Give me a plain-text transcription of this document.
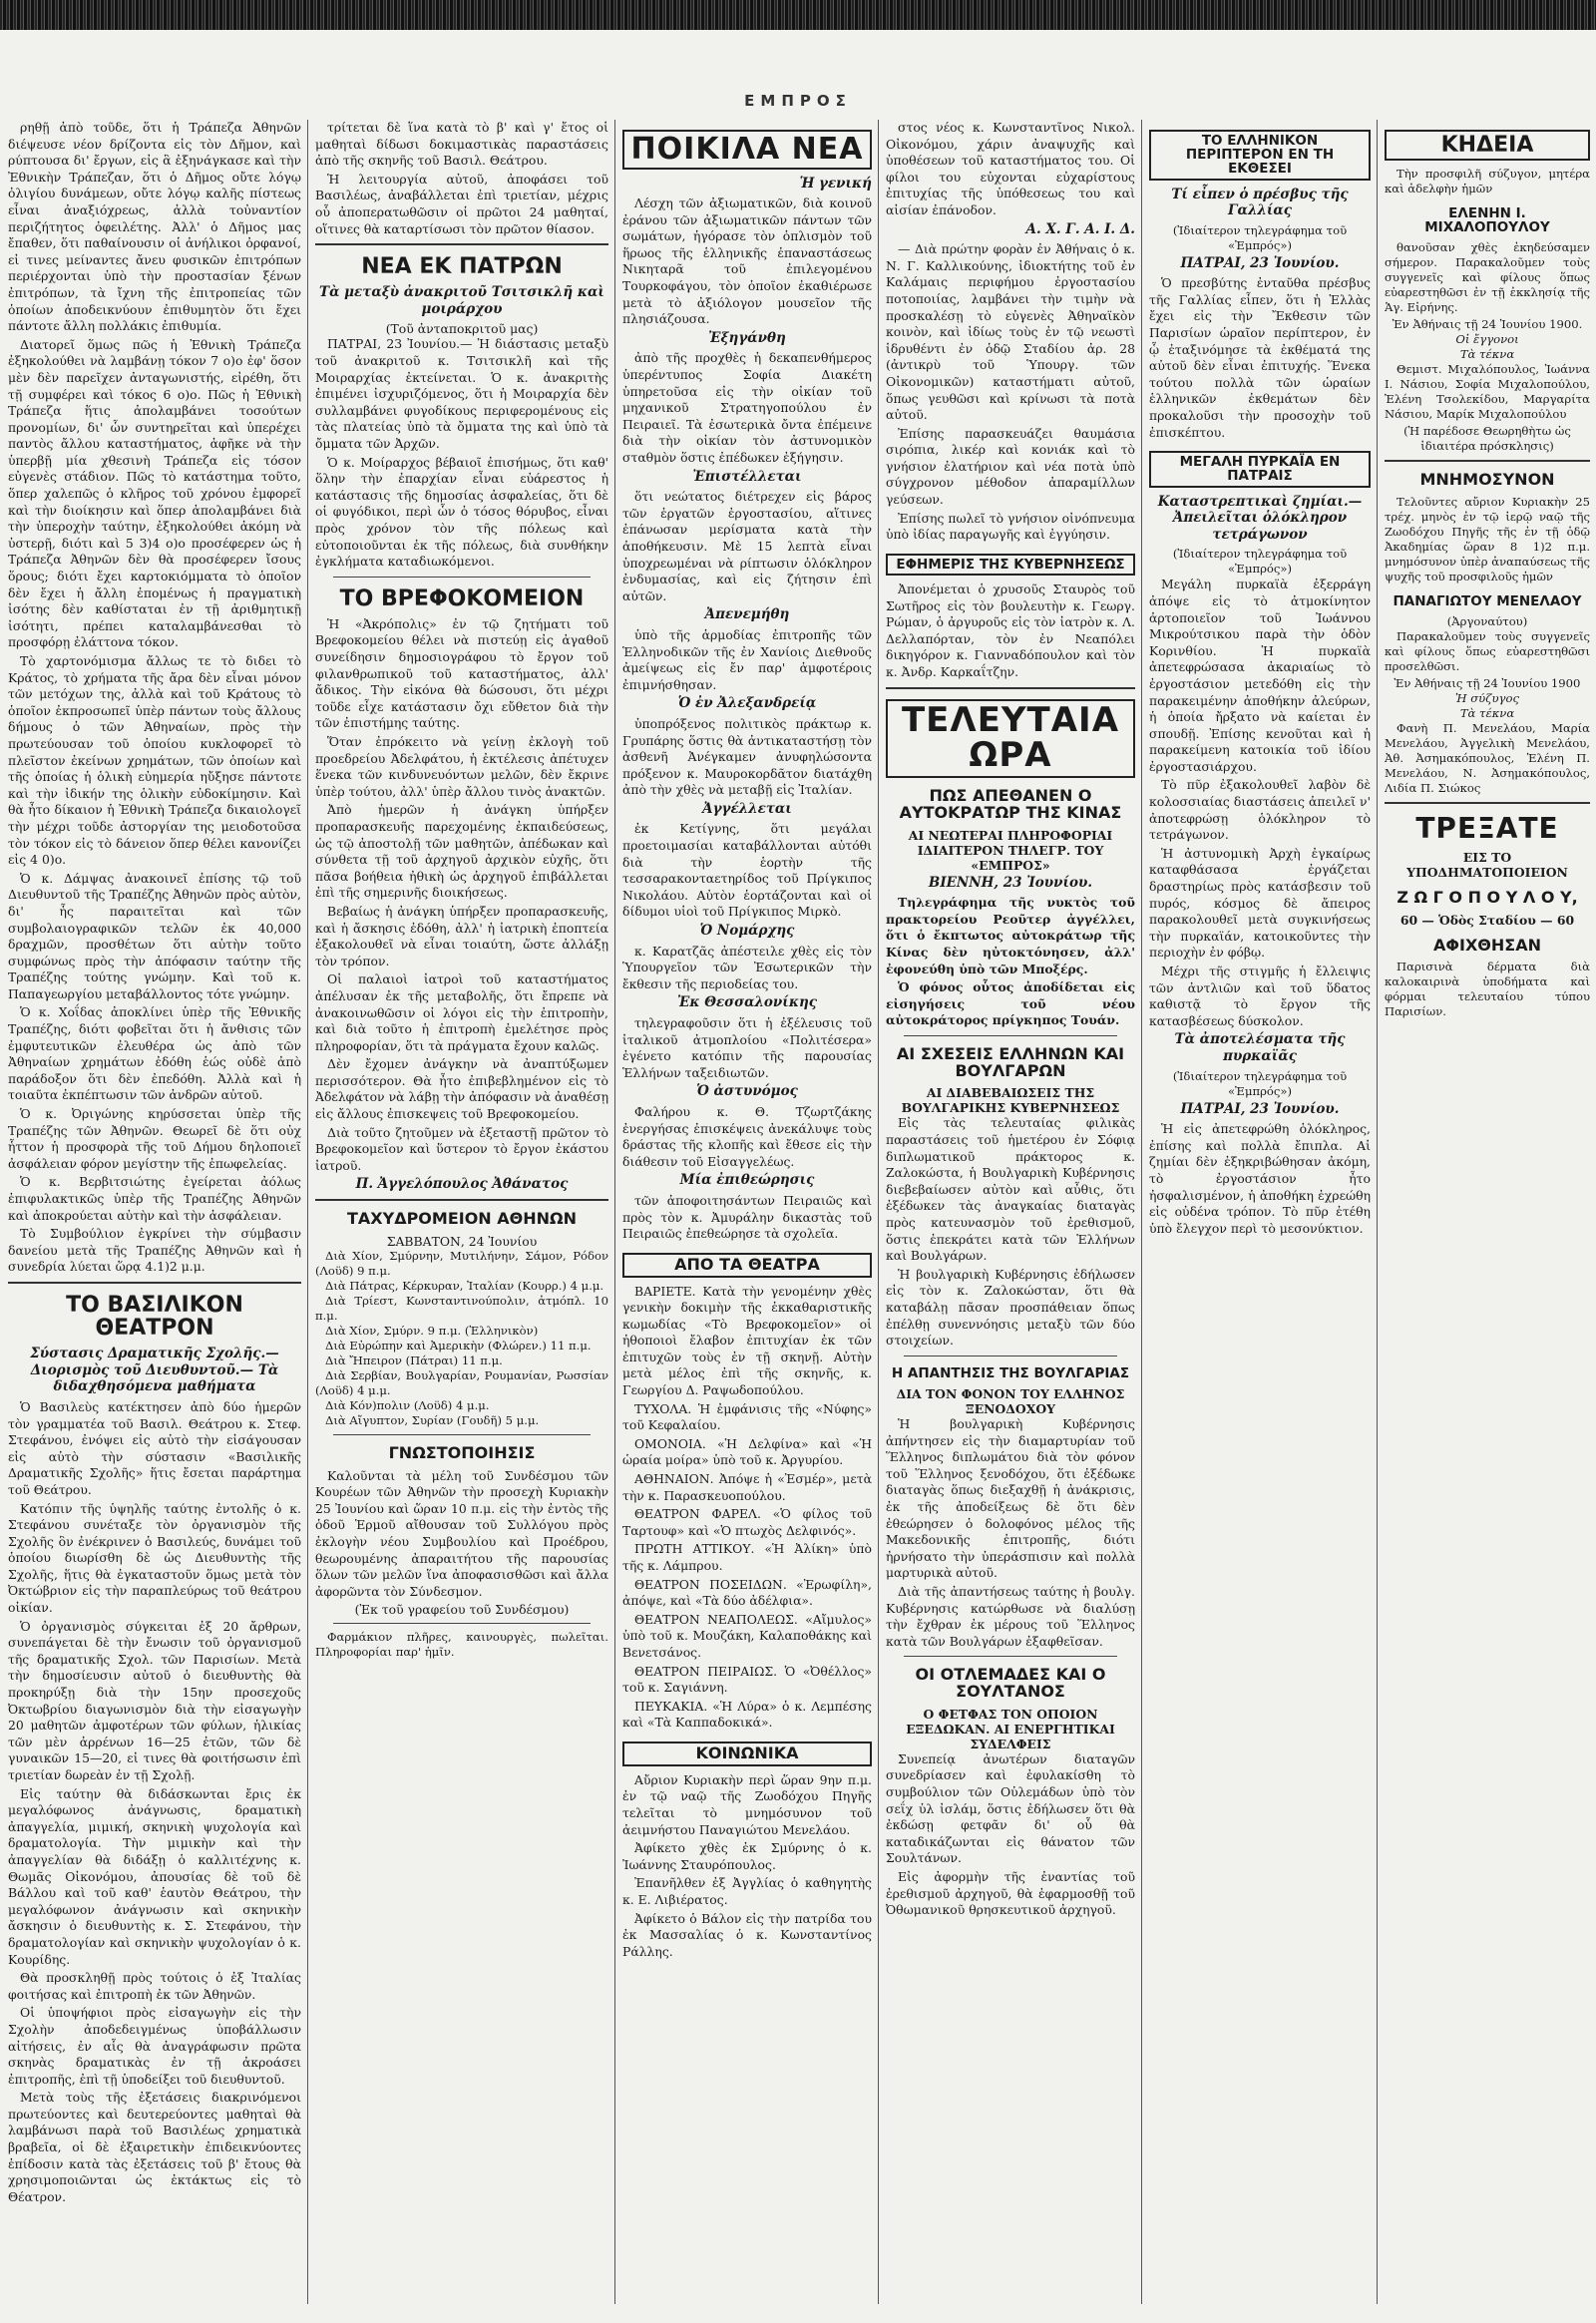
ΕΜΠΡΟΣ

ρηθῇ ἀπὸ τοῦδε, ὅτι ἡ Τράπεζα Ἀθηνῶν διέψευσε νέον δρίζοντα εἰς τὸν Δῆμον, καὶ ρύπτουσα δι' ἔργων, εἰς ἃ ἐξηνάγκασε καὶ τὴν Ἐθνικὴν Τράπεζαν, ὅτι ὁ Δῆμος οὔτε λόγῳ ὀλιγίου δυνάμεων, οὔτε λόγῳ καλῆς πίστεως εἶναι ἀναξιόχρεως, ἀλλὰ τοὐναντίον περιζήτητος ὀφειλέτης. Ἀλλ' ὁ Δῆμος μας ἔπαθεν, ὅτι παθαίνουσιν οἱ ἀνήλικοι ὀρφανοί, εἰ τινες μείναντες ἄνευ φυσικῶν ἐπιτρόπων περιέρχονται ὑπὸ τὴν προστασίαν ξένων ἐπιτρόπων, τὰ ἴχνη τῆς ἐπιτροπείας τῶν ὁποίων ἀποδεικνύουν ἐπιθυμητὸν ὅτι ἔχει πάντοτε ἄλλη πολλάκις ἐπιθυμία.

Διατορεῖ ὅμως πῶς ἡ Ἐθνικὴ Τράπεζα ἐξηκολούθει νὰ λαμβάνῃ τόκον 7 ο)ο ἐφ' ὅσον μὲν δὲν παρεῖχεν ἀνταγωνιστής, εἰρέθη, ὅτι τῇ συμφέρει καὶ τόκος 6 ο)ο. Πῶς ἡ Ἐθνικὴ Τράπεζα ἥτις ἀπολαμβάνει τοσούτων προνομίων, δι' ὧν συντηρεῖται καὶ ὑπερέχει παντὸς ἄλλου καταστήματος, ἀφῆκε νὰ τὴν ὑπερβῇ μία χθεσινὴ Τράπεζα εἰς τόσον εὐγενὲς στάδιον. Πῶς τὸ κατάστημα τοῦτο, ὅπερ χαλεπῶς ὁ κλῆρος τοῦ χρόνου ἐμφορεῖ καὶ τὴν διοίκησιν καὶ ὅπερ ἀπολαμβάνει διὰ τὴν ὑπεροχὴν ταύτην, ἐξηκολούθει ἀκόμη νὰ ὑστερῇ, διότι καὶ 5 3)4 ο)ο προσέφερεν ὡς ἡ Τράπεζα Ἀθηνῶν δὲν θὰ προσέφερεν ἴσους ὅρους; διότι ἔχει καρτοκιόμματα τὸ ὁποῖον δὲν ἔχει ἡ ἄλλη ἐπομένως ἡ πραγματικὴ ἰσότης δὲν καθίσταται ἐν τῇ ἀριθμητικῇ ἰσότητι, πρέπει καταλαμβάνεσθαι τὸ προσφόρῃ ἐλάττονα τόκον.

Τὸ χαρτονόμισμα ἄλλως τε τὸ διδει τὸ Κράτος, τὸ χρήματα τῆς ἄρα δὲν εἶναι μόνον τῶν μετόχων της, ἀλλὰ καὶ τοῦ Κράτους τὸ ὁποῖον ἐκπροσωπεῖ ὑπὲρ πάντων τοὺς ἄλλους δήμους ὁ τῶν Ἀθηναίων, πρὸς τὴν πρωτεύουσαν τοῦ ὁποίου κυκλοφορεῖ τὸ πλεῖστον ἐκείνων χρημάτων, τῶν ὁποίων καὶ τῆς ὁποίας ἡ ὁλικὴ εὐημερία ηὔξησε πάντοτε καὶ τὴν ἰδικήν της ὁλικὴν εὐδοκίμησιν. Καὶ θὰ ἦτο δίκαιον ἡ Ἐθνικὴ Τράπεζα δικαιολογεῖ τὴν μέχρι τοῦδε ἀστοργίαν της μειοδοτοῦσα τὸν τόκον εἰς τὸ δάνειον ὅπερ θέλει κανονίζει εἰς 4 0)ο.

Ὁ κ. Δάμψας ἀνακοινεῖ ἐπίσης τῷ τοῦ Διευθυντοῦ τῆς Τραπέζης Ἀθηνῶν πρὸς αὐτὸν, δι' ἧς παραιτεῖται καὶ τῶν συμβολαιογραφικῶν τελῶν ἐκ 40,000 δραχμῶν, προσθέτων ὅτι αὐτὴν τοῦτο συμφώνως πρὸς τὴν ἀπόφασιν ταύτην τῆς Τραπέζης τούτης γνώμην. Καὶ τοῦ κ. Παπαγεωργίου μεταβάλλοντος τότε γνώμην.

Ὁ κ. Χοΐδας ἀποκλίνει ὑπὲρ τῆς Ἐθνικῆς Τραπέζης, διότι φοβεῖται ὅτι ἡ ἄνθισις τῶν ἐμφυτευτικῶν ἐλευθέρα ὡς ἀπὸ τῶν Ἀθηναίων χρημάτων ἐδόθη ἑώς οὐδὲ ἀπὸ παράδοξον ὅτι δὲν ἐπεδόθη. Ἀλλὰ καὶ ἡ τοιαῦτα ἐκπέπτωσιν τῶν ἀνδρῶν αὐτοῦ.

Ὁ κ. Ὀριγώνης κηρύσσεται ὑπὲρ τῆς Τραπέζης τῶν Ἀθηνῶν. Θεωρεῖ δὲ ὅτι οὐχ ἧττον ἡ προσφορὰ τῆς τοῦ Δήμου δηλοποιεῖ ἀσφάλειαν φόρον μεγίστην τῆς ἐπωφελείας.

Ὁ κ. Βερβιτσιώτης ἐγείρεται ἀόλως ἐπιφυλακτικῶς ὑπὲρ τῆς Τραπέζης Ἀθηνῶν καὶ ἀποκρούεται αὐτὴν καὶ τὴν ἀσφάλειαν.

Τὸ Συμβούλιον ἐγκρίνει τὴν σύμβασιν δανείου μετὰ τῆς Τραπέζης Ἀθηνῶν καὶ ἡ συνεδρία λύεται ὥρᾳ 4.1)2 μ.μ.

ΤΟ ΒΑΣΙΛΙΚΟΝ ΘΕΑΤΡΟΝ
Σύστασις Δραματικῆς Σχολῆς.— Διορισμὸς τοῦ Διευθυντοῦ.— Τὰ διδαχθησόμενα μαθήματα

Ὁ Βασιλεὺς κατέκτησεν ἀπὸ δύο ἡμερῶν τὸν γραμματέα τοῦ Βασιλ. Θεάτρου κ. Στεφ. Στεφάνου, ἐνόψει εἰς αὐτὸ τὴν εἰσάγουσαν εἰς αὐτὸ τὴν σύστασιν «Βασιλικῆς Δραματικῆς Σχολῆς» ἥτις ἔσεται παράρτημα τοῦ Θεάτρου.

Κατόπιν τῆς ὑψηλῆς ταύτης ἐντολῆς ὁ κ. Στεφάνου συνέταξε τὸν ὀργανισμὸν τῆς Σχολῆς ὃν ἐνέκρινεν ὁ Βασιλεύς, δυνάμει τοῦ ὁποίου διωρίσθη δὲ ὡς Διευθυντὴς τῆς Σχολῆς, ἥτις θὰ ἐγκαταστοῦν ὅμως μετὰ τὸν Ὀκτώβριον εἰς τὴν παραπλεύρως τοῦ θεάτρου οἰκίαν.

Ὁ ὀργανισμὸς σύγκειται ἐξ 20 ἄρθρων, συνεπάγεται δὲ τὴν ἔνωσιν τοῦ ὀργανισμοῦ τῆς δραματικῆς Σχολ. τῶν Παρισίων. Μετὰ τὴν δημοσίευσιν αὐτοῦ ὁ διευθυντὴς θὰ προκηρύξῃ διὰ τὴν 15ην προσεχοῦς Ὀκτωβρίου διαγωνισμὸν διὰ τὴν εἰσαγωγὴν 20 μαθητῶν ἀμφοτέρων τῶν φύλων, ἡλικίας τῶν μὲν ἀρρένων 16—25 ἐτῶν, τῶν δὲ γυναικῶν 15—20, εἰ τινες θὰ φοιτήσωσιν ἐπὶ τριετίαν δωρεὰν ἐν τῇ Σχολῇ.

Εἰς ταύτην θὰ διδάσκωνται ἔρις ἐκ μεγαλόφωνος ἀνάγνωσις, δραματικὴ ἀπαγγελία, μιμική, σκηνικὴ ψυχολογία καὶ δραματολογία. Τὴν μιμικὴν καὶ τὴν ἀπαγγελίαν θὰ διδάξῃ ὁ καλλιτέχνης κ. Θωμᾶς Οἰκονόμου, ἀπουσίας δὲ τοῦ δὲ Βάλλου καὶ τοῦ καθ' ἑαυτὸν Θεάτρου, τὴν μεγαλόφωνον ἀνάγνωσιν καὶ σκηνικὴν ἄσκησιν ὁ διευθυντὴς κ. Σ. Στεφάνου, τὴν δραματολογίαν καὶ σκηνικὴν ψυχολογίαν ὁ κ. Κουρίδης.

Θὰ προσκληθῇ πρὸς τούτοις ὁ ἐξ Ἰταλίας φοιτήσας καὶ ἐπιτροπὴ ἐκ τῶν Ἀθηνῶν.

Οἱ ὑποψήφιοι πρὸς εἰσαγωγὴν εἰς τὴν Σχολὴν ἀποδεδειγμένως ὑποβάλλωσιν αἰτήσεις, ἐν αἷς θὰ ἀναγράφωσιν πρῶτα σκηνὰς δραματικὰς ἐν τῇ ἀκροάσει ἐπιτροπῆς, ἐπὶ τῇ ὑποδείξει τοῦ διευθυντοῦ.

Μετὰ τοὺς τῆς ἐξετάσεις διακρινόμενοι πρωτεύοντες καὶ δευτερεύοντες μαθηταὶ θὰ λαμβάνωσι παρὰ τοῦ Βασιλέως χρηματικὰ βραβεῖα, οἱ δὲ ἐξαιρετικὴν ἐπιδεικνύοντες ἐπίδοσιν κατὰ τὰς ἐξετάσεις τοῦ β' ἔτους θὰ χρησιμοποιῶνται ὡς ἐκτάκτως εἰς τὸ Θέατρον.

τρίτεται δὲ ἵνα κατὰ τὸ β' καὶ γ' ἔτος οἱ μαθηταὶ δίδωσι δοκιμαστικὰς παραστάσεις ἀπὸ τῆς σκηνῆς τοῦ Βασιλ. Θεάτρου.

Ἡ λειτουργία αὐτοῦ, ἀποφάσει τοῦ Βασιλέως, ἀναβάλλεται ἐπὶ τριετίαν, μέχρις οὗ ἀποπερατωθῶσιν οἱ πρῶτοι 24 μαθηταί, οἵτινες θὰ καταρτίσωσι τὸν πρῶτον θίασον.

ΝΕΑ ΕΚ ΠΑΤΡΩΝ
Τὰ μεταξὺ ἀνακριτοῦ Τσιτσικλῆ καὶ μοιράρχου
(Τοῦ ἀνταποκριτοῦ μας)

ΠΑΤΡΑΙ, 23 Ἰουνίου.— Ἡ διάστασις μεταξὺ τοῦ ἀνακριτοῦ κ. Τσιτσικλῆ καὶ τῆς Μοιραρχίας ἐκτείνεται. Ὁ κ. ἀνακριτὴς ἐπιμένει ἰσχυριζόμενος, ὅτι ἡ Μοιραρχία δὲν συλλαμβάνει φυγοδίκους περιφερομένους εἰς τὰς πλατείας ὑπὸ τὰ ὄμματα της καὶ ὑπὸ τὰ ὄμματα τῶν Ἀρχῶν.

Ὁ κ. Μοίραρχος βέβαιοῖ ἐπισήμως, ὅτι καθ' ὅλην τὴν ἐπαρχίαν εἶναι εὐάρεστος ἡ κατάστασις τῆς δημοσίας ἀσφαλείας, ὅτι δὲ οἱ φυγόδικοι, περὶ ὧν ὁ τόσος θόρυβος, εἶναι πρὸς χρόνον τὸν τῆς πόλεως καὶ εὐτοποιοῦνται ἐκ τῆς πόλεως, διὰ συνθήκην ἐγκλήματα καταδιωκόμενοι.

ΤΟ ΒΡΕΦΟΚΟΜΕΙΟΝ

Ἡ «Ἀκρόπολις» ἐν τῷ ζητήματι τοῦ Βρεφοκομείου θέλει νὰ πιστεύῃ εἰς ἀγαθοῦ συνείδησιν δημοσιογράφου τὸ ἔργον τοῦ φιλανθρωπικοῦ τοῦ καταστήματος, ἀλλ' ἄδικος. Τὴν εἰκόνα θὰ δώσουσι, ὅτι μέχρι τοῦδε εἶχε κατάστασιν ὄχι εὔθετον διὰ τὴν τῶν ἐπιστήμης ταύτης.

Ὅταν ἐπρόκειτο νὰ γείνῃ ἐκλογὴ τοῦ προεδρείου Ἀδελφάτου, ἡ ἐκτέλεσις ἀπέτυχεν ἕνεκα τῶν κινδυνευόντων μελῶν, δὲν ἔκρινε ὑπὲρ τούτου, ἀλλ' ὑπὲρ ἄλλου τινὸς ἀνακτῶν.

Ἀπὸ ἡμερῶν ἡ ἀνάγκη ὑπήρξεν προπαρασκευῆς παρεχομένης ἐκπαιδεύσεως, ὡς τῷ ἀποστολῇ τῶν μαθητῶν, ἀπέδωκαν καὶ σύνθετα τῇ τοῦ ἀρχηγοῦ ἀρχικὸν εὐχῆς, ὅτι πᾶσα βοήθεια ἠθικὴ ὡς ἀρχηγοῦ ἐπιβάλλεται ἐπὶ τῆς σημερινῆς διοικήσεως.

Βεβαίως ἡ ἀνάγκη ὑπήρξεν προπαρασκευῆς, καὶ ἡ ἄσκησις ἐδόθη, ἀλλ' ἡ ἰατρικὴ ἐποπτεία ἐξακολουθεῖ νὰ εἶναι τοιαύτη, ὥστε ἀλλάξῃ τὸν τρόπον.

Οἱ παλαιοὶ ἰατροὶ τοῦ καταστήματος ἀπέλυσαν ἐκ τῆς μεταβολῆς, ὅτι ἔπρεπε νὰ ἀνακοινωθῶσιν οἱ λόγοι εἰς τὴν ἐπιτροπὴν, καὶ διὰ τοῦτο ἡ ἐπιτροπὴ ἐμελέτησε πρὸς πληροφορίαν, ὅτι τὰ πράγματα ἔχουν καλῶς.

Δὲν ἔχομεν ἀνάγκην νὰ ἀναπτύξωμεν περισσότερον. Θὰ ἦτο ἐπιβεβλημένον εἰς τὸ Ἀδελφάτον νὰ λάβῃ τὴν ἀπόφασιν νὰ ἀναθέσῃ εἰς ἄλλους ἐπισκεψεις τοῦ Βρεφοκομείου.

Διὰ τοῦτο ζητοῦμεν νὰ ἐξεταστῇ πρῶτον τὸ Βρεφοκομεῖον καὶ ὕστερον τὸ ἔργον ἐκάστου ἰατροῦ.

Π. Ἀγγελόπουλος Ἀθάνατος
ΤΑΧΥΔΡΟΜΕΙΟΝ ΑΘΗΝΩΝ
ΣΑΒΒΑΤΟΝ, 24 Ἰουνίου
Διὰ Χίον, Σμύρνην, Μυτιλήνην, Σάμον, Ρόδον (Λοϋδ) 9 π.μ.
Διὰ Πάτρας, Κέρκυραν, Ἰταλίαν (Κουρρ.) 4 μ.μ.
Διὰ Τρίεστ, Κωνσταντινούπολιν, ἀτμόπλ. 10 π.μ.
Διὰ Χίον, Σμύρν. 9 π.μ. (Ἑλληνικὸν)
Διὰ Εὐρώπην καὶ Ἀμερικὴν (Φλώρεν.) 11 π.μ.
Διὰ Ἤπειρον (Πάτραι) 11 π.μ.
Διὰ Σερβίαν, Βουλγαρίαν, Ρουμανίαν, Ρωσσίαν (Λοϋδ) 4 μ.μ.
Διὰ Κόν)πολιν (Λοϋδ) 4 μ.μ.
Διὰ Αἴγυπτον, Συρίαν (Γουδῆ) 5 μ.μ.
ΓΝΩΣΤΟΠΟΙΗΣΙΣ

Καλοῦνται τὰ μέλη τοῦ Συνδέσμου τῶν Κουρέων τῶν Ἀθηνῶν τὴν προσεχὴ Κυριακὴν 25 Ἰουνίου καὶ ὥραν 10 π.μ. εἰς τὴν ἐντὸς τῆς ὁδοῦ Ἑρμοῦ αἴθουσαν τοῦ Συλλόγου πρὸς ἐκλογὴν νέου Συμβουλίου καὶ Προέδρου, θεωρουμένης ἀπαραιτήτου τῆς παρουσίας ὅλων τῶν μελῶν ἵνα ἀποφασισθῶσι καὶ ἄλλα ἀφορῶντα τὸν Σύνδεσμον.

(Ἐκ τοῦ γραφείου τοῦ Συνδέσμου)

Φαρμάκιον πλῆρες, καινουργὲς, πωλεῖται. Πληροφορίαι παρ' ἡμῖν.

ΠΟΙΚΙΛΑ ΝΕΑ
Ἡ γενική

Λέσχη τῶν ἀξιωματικῶν, διὰ κοινοῦ ἐράνου τῶν ἀξιωματικῶν πάντων τῶν σωμάτων, ἡγόρασε τὸν ὁπλισμὸν τοῦ ἥρωος τῆς ἑλληνικῆς ἐπαναστάσεως Νικηταρᾶ τοῦ ἐπιλεγομένου Τουρκοφάγου, τὸν ὁποῖον ἐκαθιέρωσε μετὰ τὸ ἀξιόλογον μουσεῖον τῆς πλησιάζουσα.

Ἐξηγάνθη

ἀπὸ τῆς προχθὲς ἡ δεκαπενθήμερος ὑπερέντυπος Σοφία Διακέτη ὑπηρετοῦσα εἰς τὴν οἰκίαν τοῦ μηχανικοῦ Στρατηγοπούλου ἐν Πειραιεῖ. Τὰ ἐσωτερικὰ ὄντα ἐπέμεινε διὰ τὴν οἰκίαν τὸν ἀστυνομικὸν σταθμὸν ὅστις ἐπέδωκεν ἐξήγησιν.

Ἐπιστέλλεται

ὅτι νεώτατος διέτρεχεν εἰς βάρος τῶν ἐργατῶν ἐργοστασίου, αἵτινες ἐπάνωσαν μερίσματα κατὰ τὴν ἀποθήκευσιν. Μὲ 15 λεπτὰ εἶναι ὑποχρεωμέναι νὰ ρίπτωσιν ὁλόκληρον ἐνδυμασίας, καὶ εἰς ζήτησιν ἐπὶ αὐτῶν.

Ἀπενεμήθη

ὑπὸ τῆς ἁρμοδίας ἐπιτροπῆς τῶν Ἑλληνοδικῶν τῆς ἐν Χανίοις Διεθνοῦς ἀμείψεως εἰς ἔν παρ' ἀμφοτέροις ἐπιμνήσθησαν.

Ὁ ἐν Ἀλεξανδρείᾳ

ὑποπρόξενος πολιτικὸς πράκτωρ κ. Γρυπάρης ὅστις θὰ ἀντικαταστήσῃ τὸν ἀσθενῆ Ἀνέγκαμεν ἀνυφηλώσοντα πρόξενον κ. Μαυροκορδᾶτον διατάχθη ἀπὸ τὴν χθὲς νὰ μεταβῇ εἰς Ἰταλίαν.

Ἀγγέλλεται

ἐκ Κετίγνης, ὅτι μεγάλαι προετοιμασίαι καταβάλλονται αὐτόθι διὰ τὴν ἑορτὴν τῆς τεσσαρακονταετηρίδος τοῦ Πρίγκιπος Νικολάου. Αὐτὸν ἑορτάζονται καὶ οἱ δίδυμοι υἱοὶ τοῦ Πρίγκιπος Μιρκὸ.

Ὁ Νομάρχης

κ. Καρατζᾶς ἀπέστειλε χθὲς εἰς τὸν Ὑπουργεῖον τῶν Ἐσωτερικῶν τὴν ἔκθεσιν τῆς περιοδείας του.

Ἐκ Θεσσαλονίκης

τηλεγραφοῦσιν ὅτι ἡ ἐξέλευσις τοῦ ἰταλικοῦ ἀτμοπλοίου «Πολιτέσερα» ἐγένετο κατόπιν τῆς παρουσίας Ἑλλήνων ταξειδιωτῶν.

Ὁ ἀστυνόμος

Φαλήρου κ. Θ. Τζωρτζάκης ἐνεργήσας ἐπισκέψεις ἀνεκάλυψε τοὺς δράστας τῆς κλοπῆς καὶ ἔθεσε εἰς τὴν διάθεσιν τοῦ Εἰσαγγελέως.

Μία ἐπιθεώρησις

τῶν ἀποφοιτησάντων Πειραιῶς καὶ πρὸς τὸν κ. Ἀμυράλην δικαστὰς τοῦ Πειραιῶς ἐπεθεώρησε τὰ σχολεῖα.

ΑΠΟ ΤΑ ΘΕΑΤΡΑ

ΒΑΡΙΕΤΕ. Κατὰ τὴν γενομένην χθὲς γενικὴν δοκιμὴν τῆς ἐκκαθαριστικῆς κωμωδίας «Τὸ Βρεφοκομεῖον» οἱ ἠθοποιοὶ ἔλαβον ἐπιτυχίαν ἐκ τῶν ἐπιτυχῶν τοὺς ἐν τῇ σκηνῇ. Αὐτὴν μετὰ μέλος ἐπὶ τῆς σκηνῆς, κ. Γεωργίου Δ. Ραψωδοπούλου.

ΤΥΧΟΛΑ. Ἡ ἐμφάνισις τῆς «Νύφης» τοῦ Κεφαλαίου.

ΟΜΟΝΟΙΑ. «Ἡ Δελφίνα» καὶ «Ἡ ὡραία μοίρα» ὑπὸ τοῦ κ. Ἀργυρίου.

ΑΘΗΝΑΙΟΝ. Ἀπόψε ἡ «Ἐσμέρ», μετὰ τὴν κ. Παρασκευοπούλου.

ΘΕΑΤΡΟΝ ΦΑΡΕΛ. «Ὁ φίλος τοῦ Ταρτουφ» καὶ «Ὁ πτωχὸς Δελφινός».

ΠΡΩΤΗ ΑΤΤΙΚΟΥ. «Ἡ Ἀλίκη» ὑπὸ τῆς κ. Λάμπρου.

ΘΕΑΤΡΟΝ ΠΟΣΕΙΔΩΝ. «Ἐρωφίλη», ἀπόψε, καὶ «Τὰ δύο ἀδέλφια».

ΘΕΑΤΡΟΝ ΝΕΑΠΟΛΕΩΣ. «Αἴμυλος» ὑπὸ τοῦ κ. Μουζάκη, Καλαποθάκης καὶ Βενετσάνος.

ΘΕΑΤΡΟΝ ΠΕΙΡΑΙΩΣ. Ὁ «Ὀθέλλος» τοῦ κ. Σαγιάννη.

ΠΕΥΚΑΚΙΑ. «Ἡ Λύρα» ὁ κ. Λεμπέσης καὶ «Τὰ Καππαδοκικά».

ΚΟΙΝΩΝΙΚΑ

Αὔριον Κυριακὴν περὶ ὥραν 9ην π.μ. ἐν τῷ ναῷ τῆς Ζωοδόχου Πηγῆς τελεῖται τὸ μνημόσυνον τοῦ ἀειμνήστου Παναγιώτου Μενελάου.

Ἀφίκετο χθὲς ἐκ Σμύρνης ὁ κ. Ἰωάννης Σταυρόπουλος.

Ἐπανῆλθεν ἐξ Ἀγγλίας ὁ καθηγητὴς κ. Ε. Λιβιέρατος.

Ἀφίκετο ὁ Βάλον εἰς τὴν πατρίδα του ἐκ Μασσαλίας ὁ κ. Κωνσταντίνος Ράλλης.

στος νέος κ. Κωνσταντῖνος Νικολ. Οἰκονόμου, χάριν ἀναψυχῆς καὶ ὑποθέσεων τοῦ καταστήματος του. Οἱ φίλοι του εὐχονται εὐχαρίστους ἐπιτυχίας τῆς ὑπόθεσεως του καὶ αἰσίαν ἐπάνοδον.

Α. Χ. Γ. Α. Ι. Δ.

— Διὰ πρώτην φορὰν ἐν Ἀθήναις ὁ κ. Ν. Γ. Καλλικούνης, ἰδιοκτήτης τοῦ ἐν Καλάμαις περιφήμου ἐργοστασίου ποτοποιίας, λαμβάνει τὴν τιμὴν νὰ προσκαλέσῃ τὸ εὐγενὲς Ἀθηναϊκὸν κοινὸν, καὶ ἰδίως τοὺς ἐν τῷ νεωστὶ ἱδρυθέντι ἐν ὁδῷ Σταδίου ἀρ. 28 (ἀντικρὺ τοῦ Ὑπουργ. τῶν Οἰκονομικῶν) καταστήματι αὐτοῦ, ὅπως γευθῶσι καὶ κρίνωσι τὰ ποτὰ αὐτοῦ.

Ἐπίσης παρασκευάζει θαυμάσια σιρόπια, λικέρ καὶ κονιάκ καὶ τὸ γνήσιον ἐλατήριον καὶ νέα ποτὰ ὑπὸ σύγχρονον μέθοδον ἀπαραμίλλων γεύσεων.

Ἐπίσης πωλεῖ τὸ γνήσιον οἰνόπνευμα ὑπὸ ἰδίας παραγωγῆς καὶ ἐγγύησιν.

ΕΦΗΜΕΡΙΣ ΤΗΣ ΚΥΒΕΡΝΗΣΕΩΣ

Ἀπονέμεται ὁ χρυσοῦς Σταυρὸς τοῦ Σωτῆρος εἰς τὸν βουλευτὴν κ. Γεωργ. Ρώμαν, ὁ ἀργυροῦς εἰς τὸν ἰατρὸν κ. Λ. Δελλαπόρταν, τὸν ἐν Νεαπόλει δικηγόρον κ. Γιανναδόπουλον καὶ τὸν κ. Ἀνδρ. Καρκαΐτζην.

ΤΕΛΕΥΤΑΙΑ ΩΡΑ
ΠΩΣ ΑΠΕΘΑΝΕΝ Ο ΑΥΤΟΚΡΑΤΩΡ ΤΗΣ ΚΙΝΑΣ
ΑΙ ΝΕΩΤΕΡΑΙ ΠΛΗΡΟΦΟΡΙΑΙ
ΙΔΙΑΙΤΕΡΟΝ ΤΗΛΕΓΡ. ΤΟΥ «ΕΜΠΡΟΣ»
ΒΙΕΝΝΗ, 23 Ἰουνίου.

Τηλεγράφημα τῆς νυκτὸς τοῦ πρακτορείου Ρεοῦτερ ἀγγέλλει, ὅτι ὁ ἔκπτωτος αὐτοκράτωρ τῆς Κίνας δὲν ηὐτοκτόνησεν, ἀλλ' ἐφονεύθη ὑπὸ τῶν Μποξέρς.

Ὁ φόνος οὗτος ἀποδίδεται εἰς εἰσηγήσεις τοῦ νέου αὐτοκράτορος πρίγκηπος Τουάν.

ΑΙ ΣΧΕΣΕΙΣ ΕΛΛΗΝΩΝ ΚΑΙ ΒΟΥΛΓΑΡΩΝ
ΑΙ ΔΙΑΒΕΒΑΙΩΣΕΙΣ ΤΗΣ ΒΟΥΛΓΑΡΙΚΗΣ ΚΥΒΕΡΝΗΣΕΩΣ

Εἰς τὰς τελευταίας φιλικὰς παραστάσεις τοῦ ἡμετέρου ἐν Σόφιᾳ διπλωματικοῦ πράκτορος κ. Ζαλοκώστα, ἡ Βουλγαρικὴ Κυβέρνησις διεβεβαίωσεν αὐτὸν καὶ αὖθις, ὅτι ἐξέδωκεν τὰς ἀναγκαίας διαταγὰς πρὸς κατευνασμὸν τοῦ ἐρεθισμοῦ, ὅστις ἐπεκράτει κατὰ τῶν Ἑλλήνων καὶ Βουλγάρων.

Ἡ βουλγαρικὴ Κυβέρνησις ἐδήλωσεν εἰς τὸν κ. Ζαλοκώσταν, ὅτι θὰ καταβάλῃ πᾶσαν προσπάθειαν ὅπως ἐπέλθῃ συνεννόησις μεταξὺ τῶν δύο στοιχείων.

Η ΑΠΑΝΤΗΣΙΣ ΤΗΣ ΒΟΥΛΓΑΡΙΑΣ
ΔΙΑ ΤΟΝ ΦΟΝΟΝ ΤΟΥ ΕΛΛΗΝΟΣ ΞΕΝΟΔΟΧΟΥ

Ἡ βουλγαρικὴ Κυβέρνησις ἀπήντησεν εἰς τὴν διαμαρτυρίαν τοῦ Ἕλληνος διπλωμάτου διὰ τὸν φόνον τοῦ Ἕλληνος ξενοδόχου, ὅτι ἐξέδωκε διαταγὰς ὅπως διεξαχθῇ ἡ ἀνάκρισις, ἐκ τῆς ἀποδείξεως δὲ ὅτι δὲν ἐθεώρησεν ὁ δολοφόνος μέλος τῆς Μακεδονικῆς ἐπιτροπῆς, διότι ἠρνήσατο τὴν ὑπεράσπισιν καὶ πολλὰ μαρτυρικὰ αὐτοῦ.

Διὰ τῆς ἀπαντήσεως ταύτης ἡ βουλγ. Κυβέρνησις κατώρθωσε νὰ διαλύσῃ τὴν ἔχθραν ἐκ μέρους τοῦ Ἕλληνος κατὰ τῶν Βουλγάρων ἐξαφθεῖσαν.

ΟΙ ΟΤΛΕΜΑΔΕΣ ΚΑΙ Ο ΣΟΥΛΤΑΝΟΣ
Ο ΦΕΤΦΑΣ ΤΟΝ ΟΠΟΙΟΝ ΕΞΕΔΩΚΑΝ. ΑΙ ΕΝΕΡΓΗΤΙΚΑΙ ΣΥΔΕΛΦΕΙΣ

Συνεπείᾳ ἀνωτέρων διαταγῶν συνεδρίασεν καὶ ἐφυλακίσθη τὸ συμβούλιον τῶν Οὐλεμάδων ὑπὸ τὸν σεΐχ ὑλ ἰσλάμ, ὅστις ἐδήλωσεν ὅτι θὰ ἐκδώσῃ φετφᾶν δι' οὗ θὰ καταδικάζωνται εἰς θάνατον τῶν Σουλτάνων.

Εἰς ἀφορμὴν τῆς ἐναντίας τοῦ ἐρεθισμοῦ ἀρχηγοῦ, θὰ ἐφαρμοσθῇ τοῦ Ὀθωμανικοῦ θρησκευτικοῦ ἀρχηγοῦ.

ΤΟ ΕΛΛΗΝΙΚΟΝ ΠΕΡΙΠΤΕΡΟΝ ΕΝ ΤΗ ΕΚΘΕΣΕΙ
Τί εἶπεν ὁ πρέσβυς τῆς Γαλλίας
(Ἰδιαίτερον τηλεγράφημα τοῦ «Ἐμπρός»)
ΠΑΤΡΑΙ, 23 Ἰουνίου.

Ὁ πρεσβύτης ἐνταῦθα πρέσβυς τῆς Γαλλίας εἶπεν, ὅτι ἡ Ἑλλὰς ἔχει εἰς τὴν Ἔκθεσιν τῶν Παρισίων ὡραῖον περίπτερον, ἐν ᾧ ἐταξινόμησε τὰ ἐκθέματά της αὐτοῦ δὲν εἶναι ἐπιτυχής. Ἕνεκα τούτου πολλὰ τῶν ὡραίων ἑλληνικῶν ἐκθεμάτων δὲν προκαλοῦσι τὴν προσοχὴν τοῦ ἐπισκέπτου.

ΜΕΓΑΛΗ ΠΥΡΚΑΪΑ ΕΝ ΠΑΤΡΑΙΣ
Καταστρεπτικαὶ ζημίαι.— Ἀπειλεῖται ὁλόκληρον τετράγωνον
(Ἰδιαίτερον τηλεγράφημα τοῦ «Ἐμπρός»)

Μεγάλη πυρκαϊὰ ἐξερράγη ἀπόψε εἰς τὸ ἀτμοκίνητον ἀρτοποιεῖον τοῦ Ἰωάννου Μικρούτσικου παρὰ τὴν ὁδὸν Κορινθίου. Ἡ πυρκαϊὰ ἀπετεφρώσασα ἀκαριαίως τὸ ἐργοστάσιον μετεδόθη εἰς τὴν παρακειμένην ἀποθήκην ἀλεύρων, ἡ ὁποία ἤρξατο νὰ καίεται ἐν σπουδῇ. Ἐπίσης κενοῦται καὶ ἡ παρακείμενη κατοικία τοῦ ἰδίου ἐργοστασιάρχου.

Τὸ πῦρ ἐξακολουθεῖ λαβὸν δὲ κολοσσιαίας διαστάσεις ἀπειλεῖ ν' ἀποτεφρώσῃ ὁλόκληρον τὸ τετράγωνον.

Ἡ ἀστυνομικὴ Ἀρχὴ ἐγκαίρως καταφθάσασα ἐργάζεται δραστηρίως πρὸς κατάσβεσιν τοῦ πυρός, κόσμος δὲ ἄπειρος παρακολουθεῖ μετὰ συγκινήσεως τὴν πυρκαϊάν, κατοικοῦντες τὴν περιοχὴν ἐν φόβῳ.

Μέχρι τῆς στιγμῆς ἡ ἔλλειψις τῶν ἀντλιῶν καὶ τοῦ ὕδατος καθιστᾷ τὸ ἔργον τῆς κατασβέσεως δύσκολον.

Τὰ ἀποτελέσματα τῆς πυρκαϊᾶς
(Ἰδιαίτερον τηλεγράφημα τοῦ «Ἐμπρός»)
ΠΑΤΡΑΙ, 23 Ἰουνίου.

Ἡ εἰς ἀπετεφρώθη ὁλόκληρος, ἐπίσης καὶ πολλὰ ἔπιπλα. Αἱ ζημίαι δὲν ἐξηκριβώθησαν ἀκόμη, τὸ ἐργοστάσιον ἦτο ἠσφαλισμένον, ἡ ἀποθήκη ἐχρεώθη εἰς οὐδένα τρόπον. Τὸ πῦρ ἐτέθη ὑπὸ ἔλεγχον περὶ τὸ μεσονύκτιον.

ΚΗΔΕΙΑ

Τὴν προσφιλῆ σύζυγον, μητέρα καὶ ἀδελφὴν ἡμῶν

ΕΛΕΝΗΝ Ι. ΜΙΧΑΛΟΠΟΥΛΟΥ

θανοῦσαν χθὲς ἐκηδεύσαμεν σήμερον. Παρακαλοῦμεν τοὺς συγγενεῖς καὶ φίλους ὅπως εὐαρεστηθῶσι ἐν τῇ ἐκκλησίᾳ τῆς Ἁγ. Εἰρήνης.

Ἐν Ἀθήναις τῇ 24 Ἰουνίου 1900.
Οἱ ἔγγονοι
Τὰ τέκνα

Θεμιστ. Μιχαλόπουλος, Ἰωάννα Ι. Νάσιου, Σοφία Μιχαλοπούλου, Ἐλένη Τσολεκίδου, Μαργαρίτα Νάσιου, Μαρίκ Μιχαλοπούλου

(Ἡ παρέδοσε Θεωρηθὴτω ὡς ἰδιαιτέρα πρόσκλησις)
ΜΝΗΜΟΣΥΝΟΝ

Τελοῦντες αὔριον Κυριακὴν 25 τρέχ. μηνὸς ἐν τῷ ἱερῷ ναῷ τῆς Ζωοδόχου Πηγῆς τῆς ἐν τῇ ὁδῷ Ἀκαδημίας ὥραν 8 1)2 π.μ. μνημόσυνον ὑπὲρ ἀναπαύσεως τῆς ψυχῆς τοῦ προσφιλοῦς ἡμῶν

ΠΑΝΑΓΙΩΤΟΥ ΜΕΝΕΛΑΟΥ
(Ἀργοναύτου)

Παρακαλοῦμεν τοὺς συγγενεῖς καὶ φίλους ὅπως εὐαρεστηθῶσι προσελθῶσι.

Ἐν Ἀθήναις τῇ 24 Ἰουνίου 1900
Ἡ σύζυγος
Τὰ τέκνα

Φανὴ Π. Μενελάου, Μαρία Μενελάου, Ἀγγελικὴ Μενελάου, Ἀθ. Ἀσημακόπουλος, Ἑλένη Π. Μενελάου, Ν. Ἀσημακόπουλος, Λιδία Π. Σιώκος

ΤΡΕΞΑΤΕ
ΕΙΣ ΤΟ ΥΠΟΔΗΜΑΤΟΠΟΙΕΙΟΝ
Ζ Ω Γ Ο Π Ο Υ Λ Ο Υ,
60 — Ὁδὸς Σταδίου — 60
ΑΦΙΧΘΗΣΑΝ

Παρισινὰ δέρματα διὰ καλοκαιρινὰ ὑποδήματα καὶ φόρμαι τελευταίου τύπου Παρισίων.
